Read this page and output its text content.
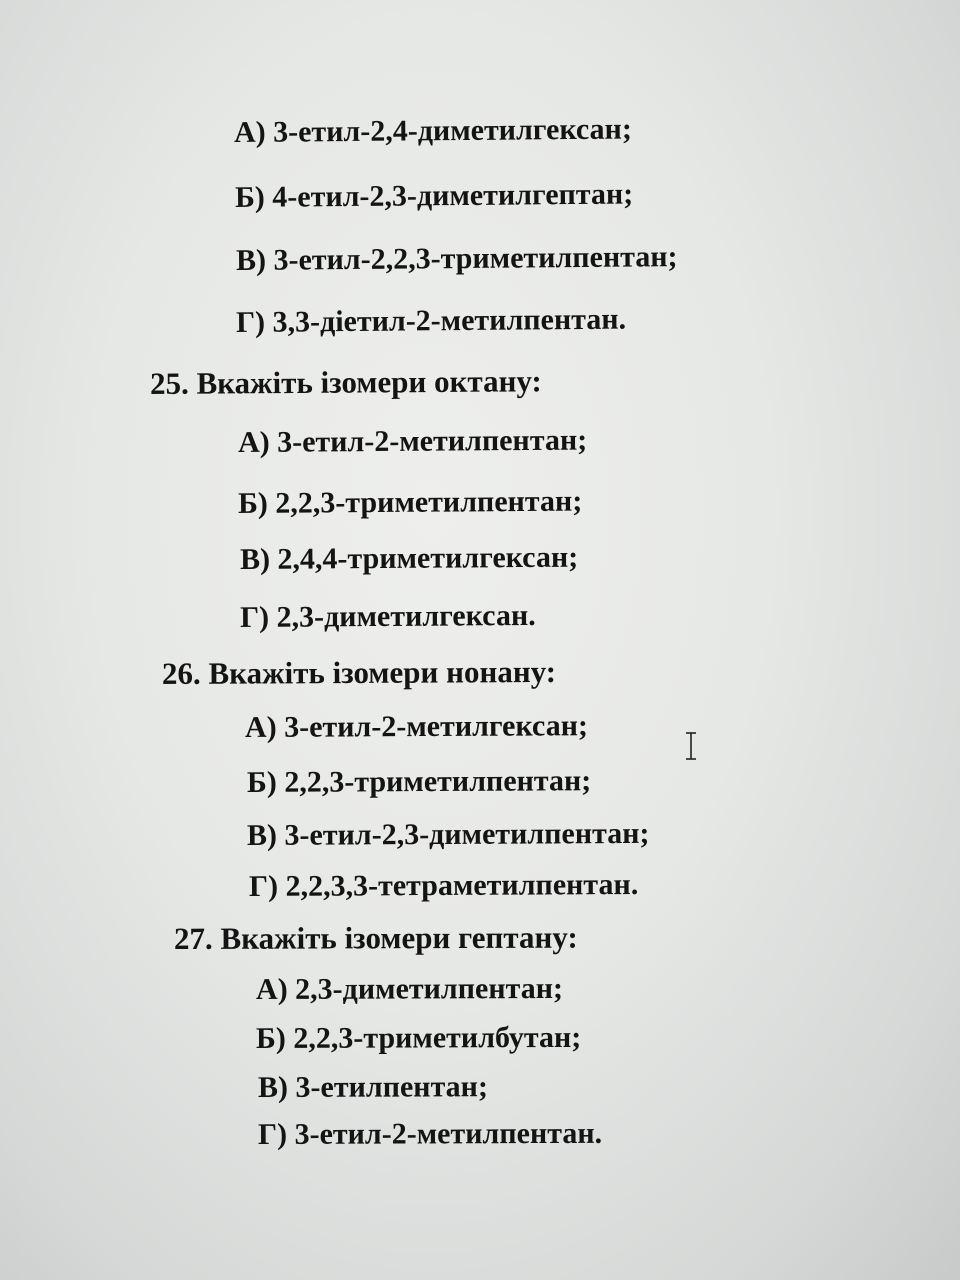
А) 3-етил-2,4-диметилгексан;
Б) 4-етил-2,3-диметилгептан;
В) 3-етил-2,2,3-триметилпентан;
Г) 3,3-діетил-2-метилпентан.
25. Вкажіть ізомери октану:
А) 3-етил-2-метилпентан;
Б) 2,2,3-триметилпентан;
В) 2,4,4-триметилгексан;
Г) 2,3-диметилгексан.
26. Вкажіть ізомери нонану:
А) 3-етил-2-метилгексан;
Б) 2,2,3-триметилпентан;
В) 3-етил-2,3-диметилпентан;
Г) 2,2,3,3-тетраметилпентан.
27. Вкажіть ізомери гептану:
А) 2,3-диметилпентан;
Б) 2,2,3-триметилбутан;
В) 3-етилпентан;
Г) 3-етил-2-метилпентан.
